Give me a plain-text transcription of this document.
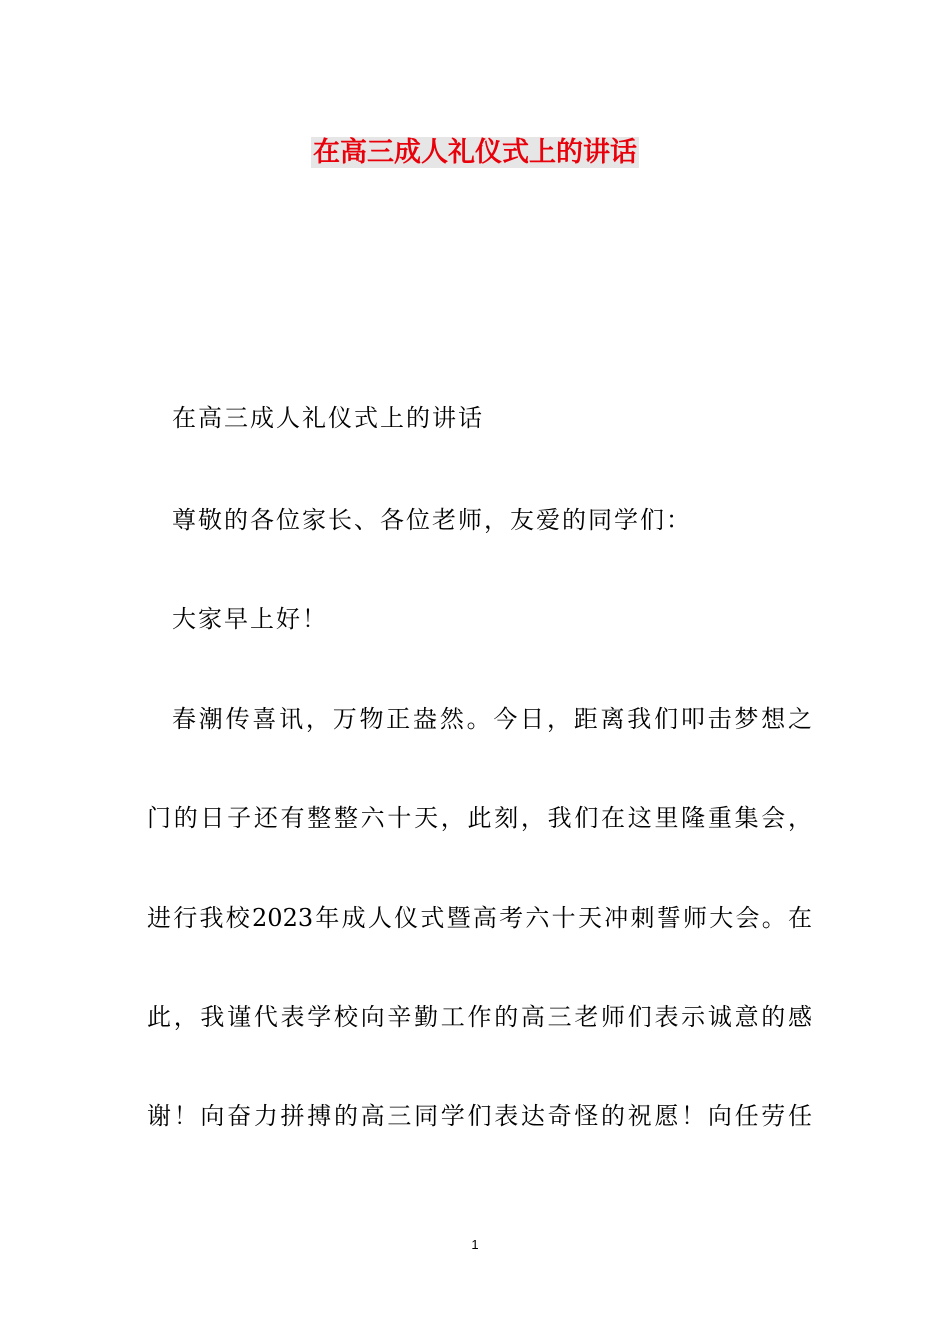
在高三成人礼仪式上的讲话

在高三成人礼仪式上的讲话

尊敬的各位家长、各位老师，友爱的同学们：

大家早上好！

春潮传喜讯，万物正盎然。今日，距离我们叩击梦想之

门的日子还有整整六十天，此刻，我们在这里隆重集会，

进行我校2023年成人仪式暨高考六十天冲刺誓师大会。在

此，我谨代表学校向辛勤工作的高三老师们表示诚意的感

谢！向奋力拼搏的高三同学们表达奇怪的祝愿！向任劳任

1
